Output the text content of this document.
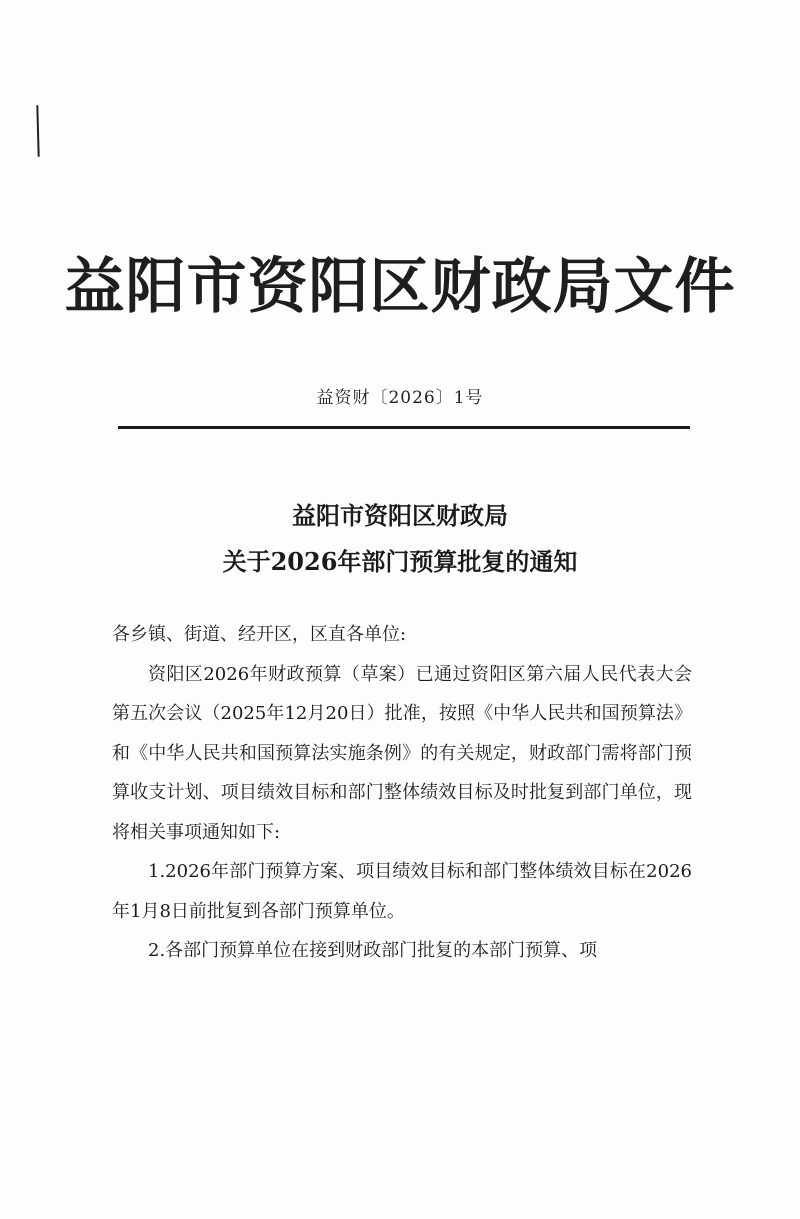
益阳市资阳区财政局文件
益资财〔2026〕1号
益阳市资阳区财政局
关于2026年部门预算批复的通知

各乡镇、街道、经开区，区直各单位:

资阳区2026年财政预算（草案）已通过资阳区第六届人民代表大会第五次会议（2025年12月20日）批准，按照《中华人民共和国预算法》和《中华人民共和国预算法实施条例》的有关规定，财政部门需将部门预算收支计划、项目绩效目标和部门整体绩效目标及时批复到部门单位，现将相关事项通知如下:

1.2026年部门预算方案、项目绩效目标和部门整体绩效目标在2026年1月8日前批复到各部门预算单位。

2.各部门预算单位在接到财政部门批复的本部门预算、项
